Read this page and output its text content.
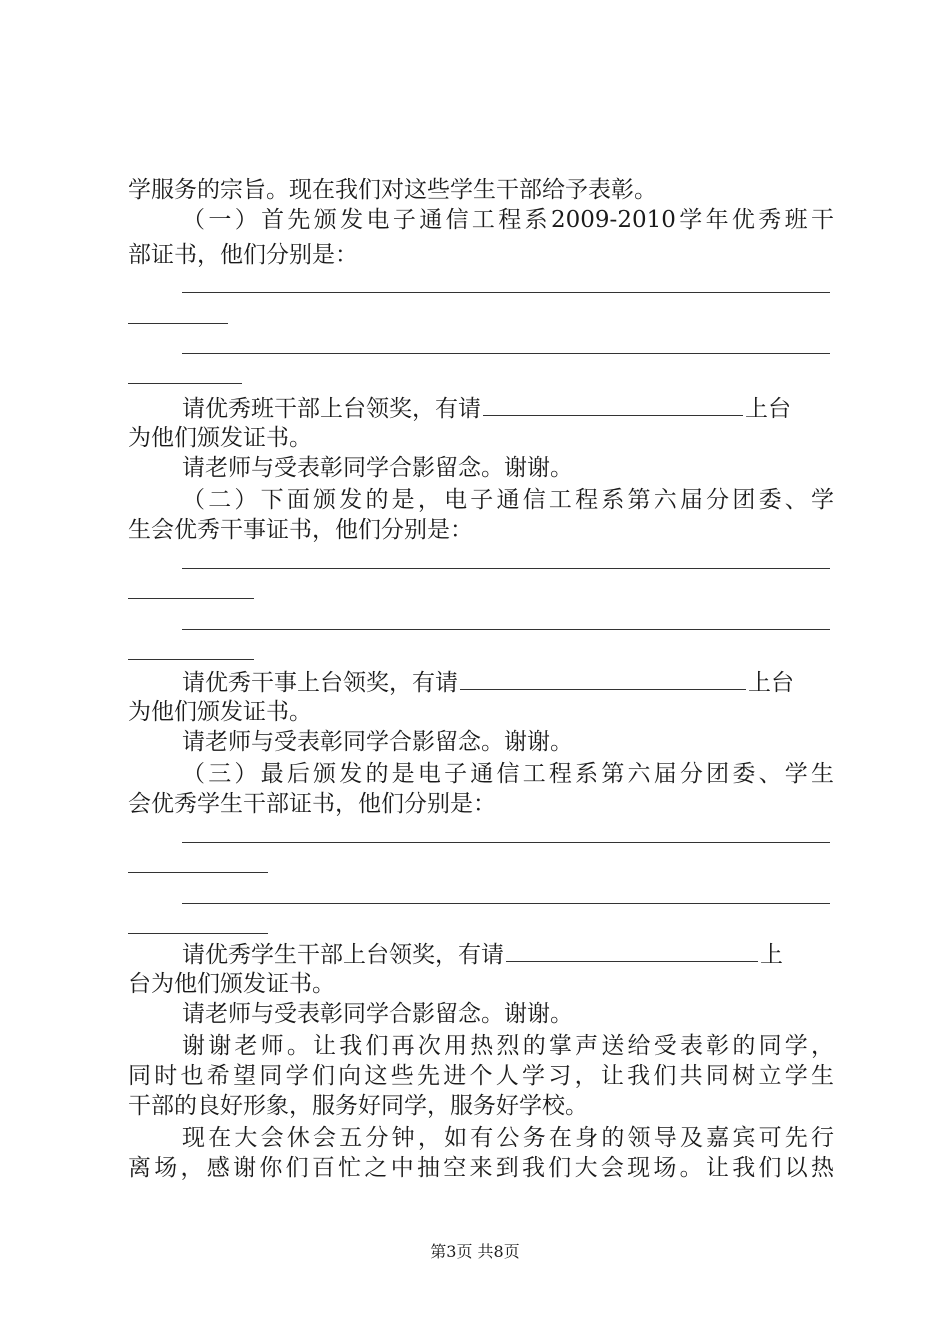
学服务的宗旨。现在我们对这些学生干部给予表彰。
（一）首先颁发电子通信工程系2009-2010学年优秀班干
部证书，他们分别是：
请优秀班干部上台领奖，有请	上台
为他们颁发证书。
请老师与受表彰同学合影留念。谢谢。
（二）下面颁发的是，电子通信工程系第六届分团委、学
生会优秀干事证书，他们分别是：
请优秀干事上台领奖，有请	上台
为他们颁发证书。
请老师与受表彰同学合影留念。谢谢。
（三）最后颁发的是电子通信工程系第六届分团委、学生
会优秀学生干部证书，他们分别是：
请优秀学生干部上台领奖，有请	上
台为他们颁发证书。
请老师与受表彰同学合影留念。谢谢。
谢谢老师。让我们再次用热烈的掌声送给受表彰的同学，
同时也希望同学们向这些先进个人学习，让我们共同树立学生
干部的良好形象，服务好同学，服务好学校。
现在大会休会五分钟，如有公务在身的领导及嘉宾可先行
离场，感谢你们百忙之中抽空来到我们大会现场。让我们以热
第3页 共8页
